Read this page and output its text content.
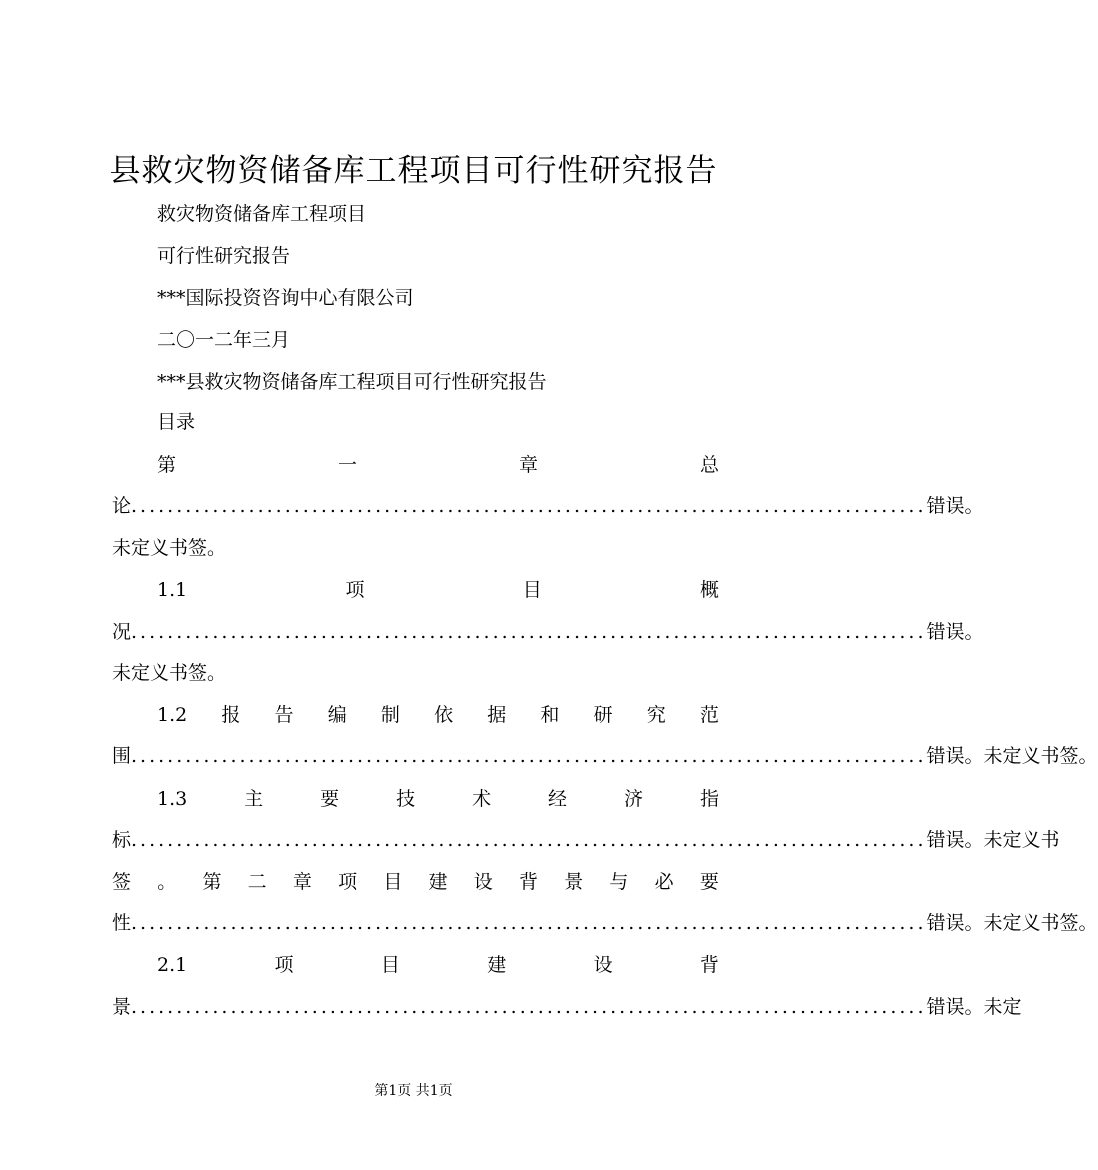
县救灾物资储备库工程项目可行性研究报告
救灾物资储备库工程项目
可行性研究报告
***国际投资咨询中心有限公司
二〇一二年三月
***县救灾物资储备库工程项目可行性研究报告
目录
第	一	章	总
论 ........................................................................................ 错误。
未定义书签。
1.1	项	目	概
况 ........................................................................................ 错误。
未定义书签。
1.2 报 告 编 制 依 据 和 研 究 范
围 ........................................................................................ 错误。未定义书签。
1.3	主	要	技	术	经	济	指
标 ........................................................................................ 错误。未定义书
签 。 第 二 章 项 目 建 设 背 景 与 必 要
性 ........................................................................................ 错误。未定义书签。
2.1	项	目	建	设	背
景 ........................................................................................ 错误。未定
第1页 共1页
